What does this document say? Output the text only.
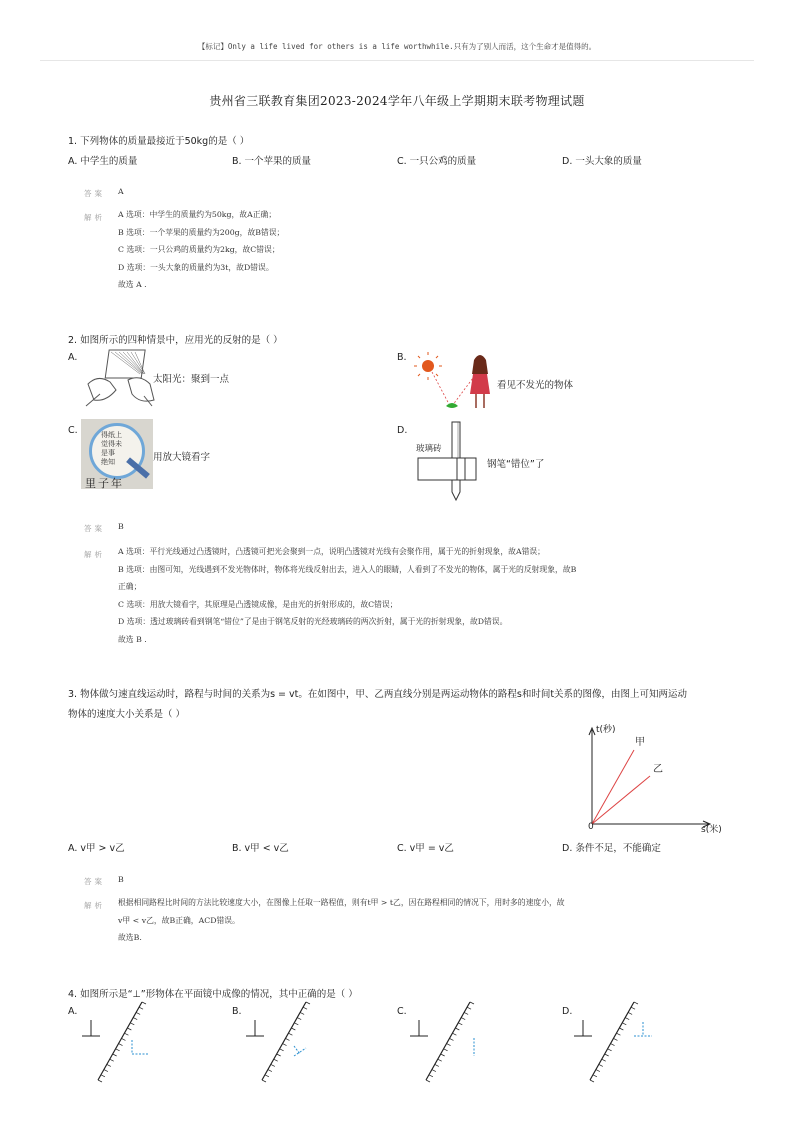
【标记】Only a life lived for others is a life worthwhile.只有为了别人而活，这个生命才是值得的。
贵州省三联教育集团2023-2024学年八年级上学期期末联考物理试题
1. 下列物体的质量最接近于50kg的是（ ）
A. 中学生的质量	B. 一个苹果的质量	C. 一只公鸡的质量	D. 一头大象的质量
答案 A
解析 A 选项：中学生的质量约为50kg，故A正确；
B 选项：一个苹果的质量约为200g，故B错误；
C 选项：一只公鸡的质量约为2kg，故C错误；
D 选项：一头大象的质量约为3t，故D错误。
故选 A .
2. 如图所示的四种情景中，应用光的反射的是（ ）
A.
太阳光：聚到一点
B.
看见不发光的物体
C.	得纸上
觉得未
是事
绝知
里子年
用放大镜看字
D.
玻璃砖
钢笔“错位”了
答案 B
解析 A 选项：平行光线通过凸透镜时，凸透镜可把光会聚到一点，说明凸透镜对光线有会聚作用，属于光的折射现象，故A错误；
B 选项：由图可知，光线遇到不发光物体时，物体将光线反射出去，进入人的眼睛，人看到了不发光的物体，属于光的反射现象，故B
正确；
C 选项：用放大镜看字，其原理是凸透镜成像，是由光的折射形成的，故C错误；
D 选项：透过玻璃砖看到钢笔“错位”了是由于钢笔反射的光经玻璃砖的两次折射，属于光的折射现象，故D错误。
故选 B .
3. 物体做匀速直线运动时，路程与时间的关系为s = vt。在如图中，甲、乙两直线分别是两运动物体的路程s和时间t关系的图像，由图上可知两运动
物体的速度大小关系是（ ）
t(秒)
s(米)
0
甲
乙
A. v甲 > v乙	B. v甲 < v乙	C. v甲 = v乙	D. 条件不足，不能确定
答案 B
解析 根据相同路程比时间的方法比较速度大小，在图像上任取一路程值，则有t甲 > t乙，因在路程相同的情况下，用时多的速度小，故
v甲 < v乙，故B正确，ACD错误。
故选B.
4. 如图所示是“⊥”形物体在平面镜中成像的情况，其中正确的是（ ）
A.	B.	C.	D.
